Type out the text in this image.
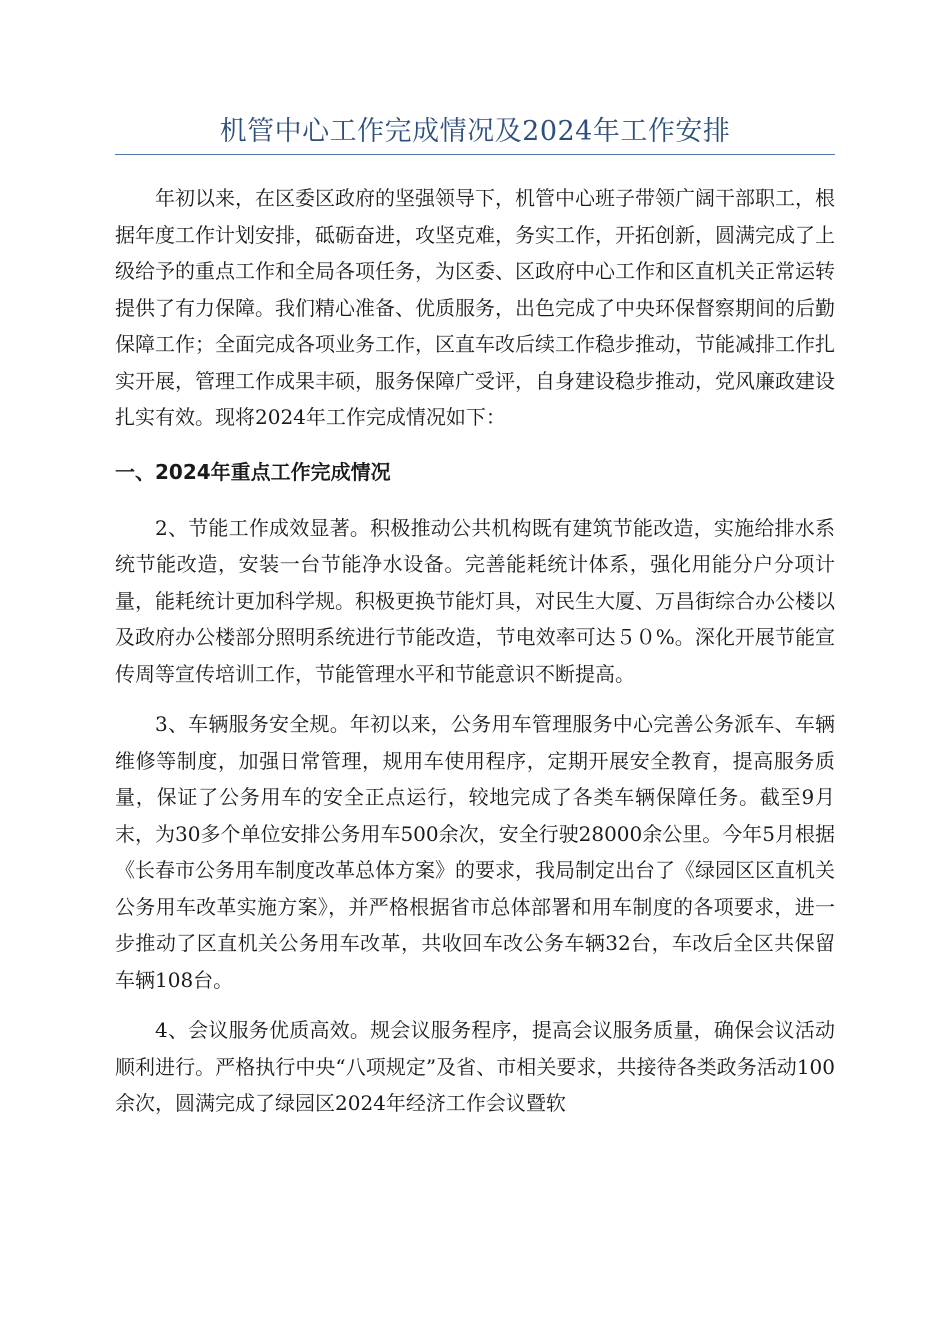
机管中心工作完成情况及2024年工作安排

年初以来，在区委区政府的坚强领导下，机管中心班子带领广阔干部职工，根据年度工作计划安排，砥砺奋进，攻坚克难，务实工作，开拓创新，圆满完成了上级给予的重点工作和全局各项任务，为区委、区政府中心工作和区直机关正常运转提供了有力保障。我们精心准备、优质服务，出色完成了中央环保督察期间的后勤保障工作；全面完成各项业务工作，区直车改后续工作稳步推动，节能减排工作扎实开展，管理工作成果丰硕，服务保障广受评，自身建设稳步推动，党风廉政建设扎实有效。现将2024年工作完成情况如下：

一、2024年重点工作完成情况

2、节能工作成效显著。积极推动公共机构既有建筑节能改造，实施给排水系统节能改造，安装一台节能净水设备。完善能耗统计体系，强化用能分户分项计量，能耗统计更加科学规。积极更换节能灯具，对民生大厦、万昌街综合办公楼以及政府办公楼部分照明系统进行节能改造，节电效率可达５０%。深化开展节能宣传周等宣传培训工作，节能管理水平和节能意识不断提高。

3、车辆服务安全规。年初以来，公务用车管理服务中心完善公务派车、车辆维修等制度，加强日常管理，规用车使用程序，定期开展安全教育，提高服务质量，保证了公务用车的安全正点运行，较地完成了各类车辆保障任务。截至9月末，为30多个单位安排公务用车500余次，安全行驶28000余公里。今年5月根据《长春市公务用车制度改革总体方案》的要求，我局制定出台了《绿园区区直机关公务用车改革实施方案》，并严格根据省市总体部署和用车制度的各项要求，进一步推动了区直机关公务用车改革，共收回车改公务车辆32台，车改后全区共保留车辆108台。

4、会议服务优质高效。规会议服务程序，提高会议服务质量，确保会议活动顺利进行。严格执行中央“八项规定”及省、市相关要求，共接待各类政务活动100余次，圆满完成了绿园区2024年经济工作会议暨软
